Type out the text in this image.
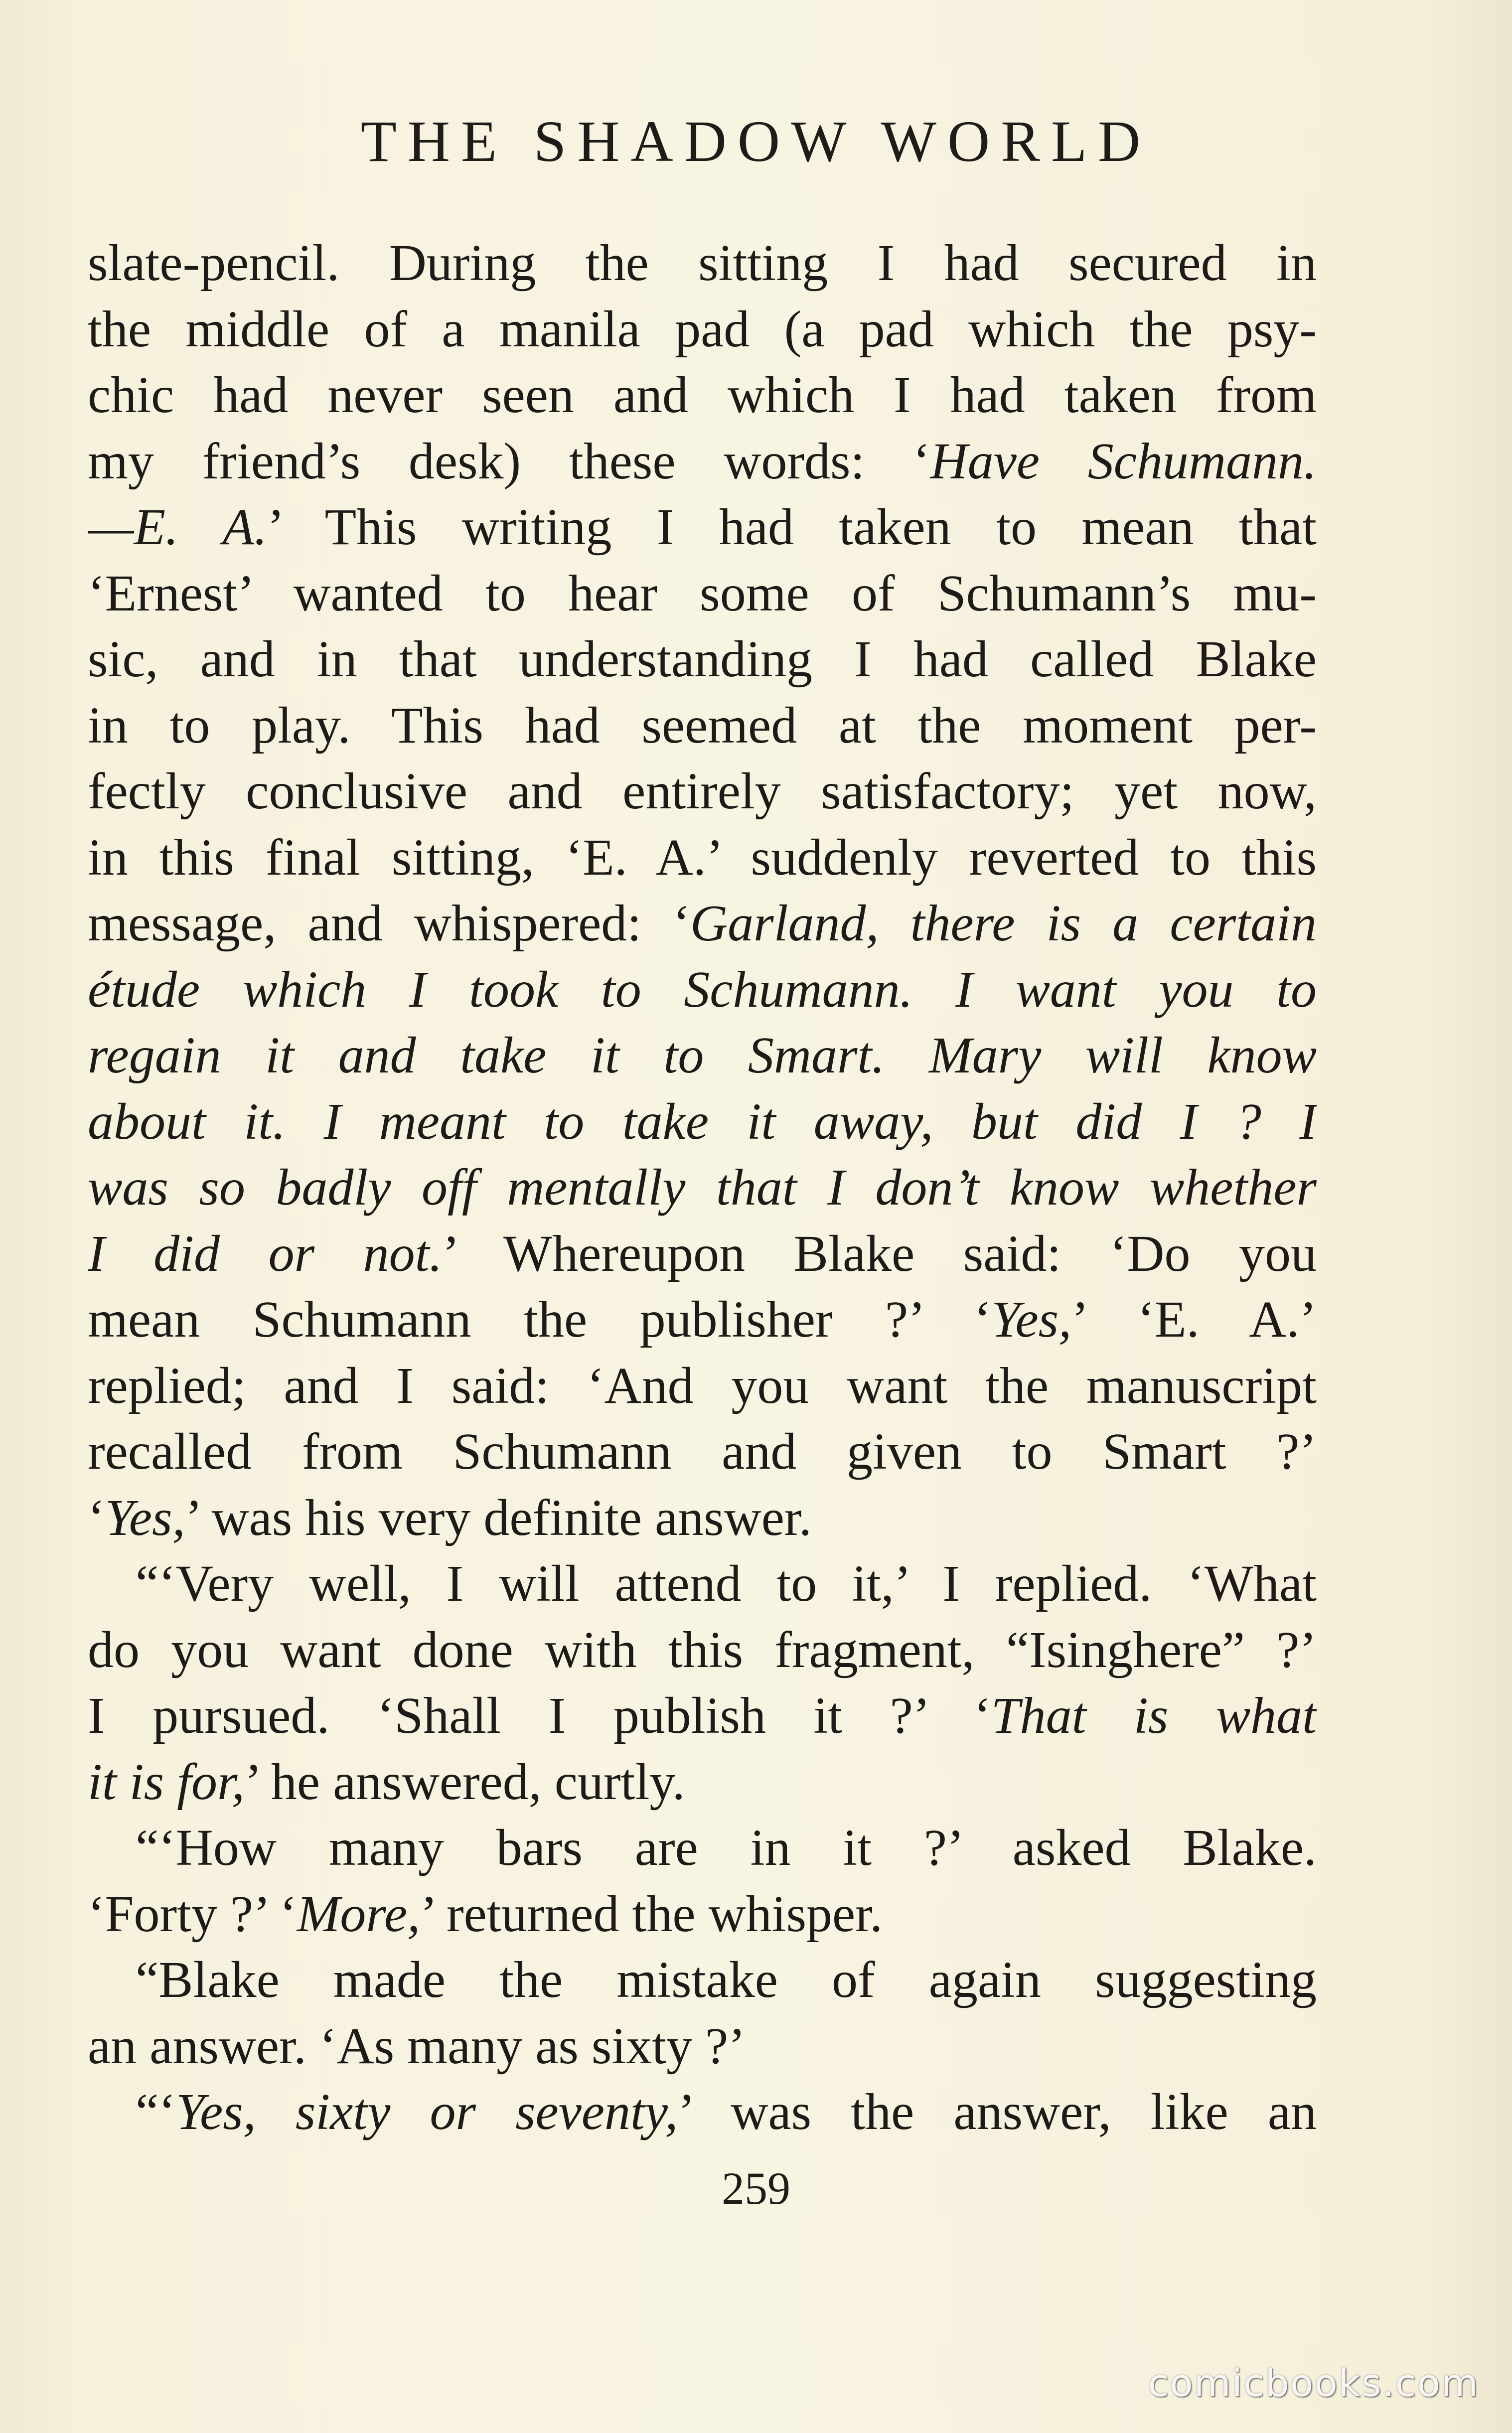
THE SHADOW WORLD
slate-pencil. During the sitting I had secured in
the middle of a manila pad (a pad which the psy-
chic had never seen and which I had taken from
my friend’s desk) these words: ‘Have Schumann.
—E. A.’ This writing I had taken to mean that
‘Ernest’ wanted to hear some of Schumann’s mu-
sic, and in that understanding I had called Blake
in to play. This had seemed at the moment per-
fectly conclusive and entirely satisfactory; yet now,
in this final sitting, ‘E. A.’ suddenly reverted to this
message, and whispered: ‘Garland, there is a certain
étude which I took to Schumann. I want you to
regain it and take it to Smart. Mary will know
about it. I meant to take it away, but did I ? I
was so badly off mentally that I don’t know whether
I did or not.’ Whereupon Blake said: ‘Do you
mean Schumann the publisher ?’ ‘Yes,’ ‘E. A.’
replied; and I said: ‘And you want the manuscript
recalled from Schumann and given to Smart ?’
‘Yes,’ was his very definite answer.
“‘Very well, I will attend to it,’ I replied. ‘What
do you want done with this fragment, “Isinghere” ?’
I pursued. ‘Shall I publish it ?’ ‘That is what
it is for,’ he answered, curtly.
“‘How many bars are in it ?’ asked Blake.
‘Forty ?’ ‘More,’ returned the whisper.
“Blake made the mistake of again suggesting
an answer. ‘As many as sixty ?’
“‘Yes, sixty or seventy,’ was the answer, like an
259
comicbooks.com
